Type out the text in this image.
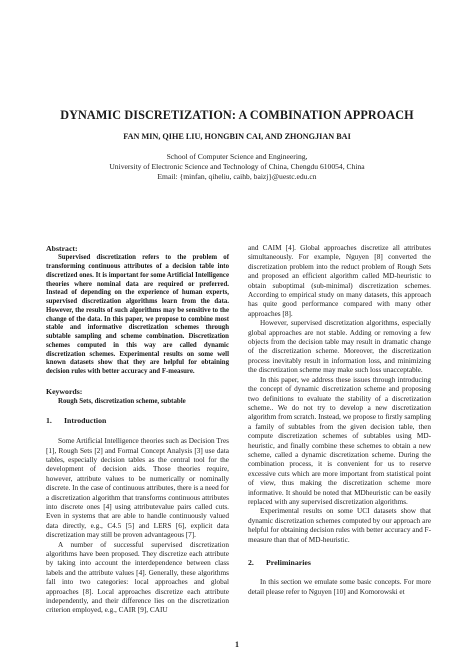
DYNAMIC DISCRETIZATION: A COMBINATION APPROACH
FAN MIN, QIHE LIU, HONGBIN CAI, AND ZHONGJIAN BAI
School of Computer Science and Engineering,
University of Electronic Science and Technology of China, Chengdu 610054, China
Email: {minfan, qiheliu, caihb, baizj}@uestc.edu.cn
Abstract:

Supervised discretization refers to the problem of transforming continuous attributes of a decision table into discretized ones. It is important for some Artificial Intelligence theories where nominal data are required or preferred. Instead of depending on the experience of human experts, supervised discretization algorithms learn from the data. However, the results of such algorithms may be sensitive to the change of the data. In this paper, we propose to combine most stable and informative discretization schemes through subtable sampling and scheme combination. Discretization schemes computed in this way are called dynamic discretization schemes. Experimental results on some well known datasets show that they are helpful for obtaining decision rules with better accuracy and F-measure.

Keywords:
Rough Sets, discretization scheme, subtable
1.	Introduction

Some Artificial Intelligence theories such as Decision Tres [1], Rough Sets [2] and Formal Concept Analysis [3] use data tables, especially decision tables as the central tool for the development of decision aids. Those theories require, however, attribute values to be numerically or nominally discrete. In the case of continuous attributes, there is a need for a discretization algorithm that transforms continuous attributes into discrete ones [4] using attributevalue pairs called cuts. Even in systems that are able to handle continuously valued data directly, e.g., C4.5 [5] and LERS [6], explicit data discretization may still be proven advantageous [7].

A number of successful supervised discretization algorithms have been proposed. They discretize each attribute by taking into account the interdependence between class labels and the attribute values [4]. Generally, these algorithms fall into two categories: local approaches and global approaches [8]. Local approaches discretize each attribute independently, and their difference lies on the discretization criterion employed, e.g., CAIR [9], CAIU

and CAIM [4]. Global approaches discretize all attributes simultaneously. For example, Nguyen [8] converted the discretization problem into the reduct problem of Rough Sets and proposed an efficient algorithm called MD-heuristic to obtain suboptimal (sub-minimal) discretization schemes. According to empirical study on many datasets, this approach has quite good performance compared with many other approaches [8].

However, supervised discretization algorithms, especially global approaches are not stable. Adding or removing a few objects from the decision table may result in dramatic change of the discretization scheme. Moreover, the discretization process inevitably result in information loss, and minimizing the discretization scheme may make such loss unacceptable.

In this paper, we address these issues through introducing the concept of dynamic discretization scheme and proposing two definitions to evaluate the stability of a discretization scheme.. We do not try to develop a new discretization algorithm from scratch. Instead, we propose to firstly sampling a family of subtables from the given decision table, then compute discretization schemes of subtables using MD-heuristic, and finally combine these schemes to obtain a new scheme, called a dynamic discretization scheme. During the combination process, it is convenient for us to reserve excessive cuts which are more important from statistical point of view, thus making the discretization scheme more informative. It should be noted that MDheuristic can be easily replaced with any supervised discretization algorithms.

Experimental results on some UCI datasets show that dynamic discretization schemes computed by our approach are helpful for obtaining decision rules with better accuracy and F-measure than that of MD-heuristic.

2.	Preliminaries

In this section we emulate some basic concepts. For more detail please refer to Nguyen [10] and Komorowski et

1
